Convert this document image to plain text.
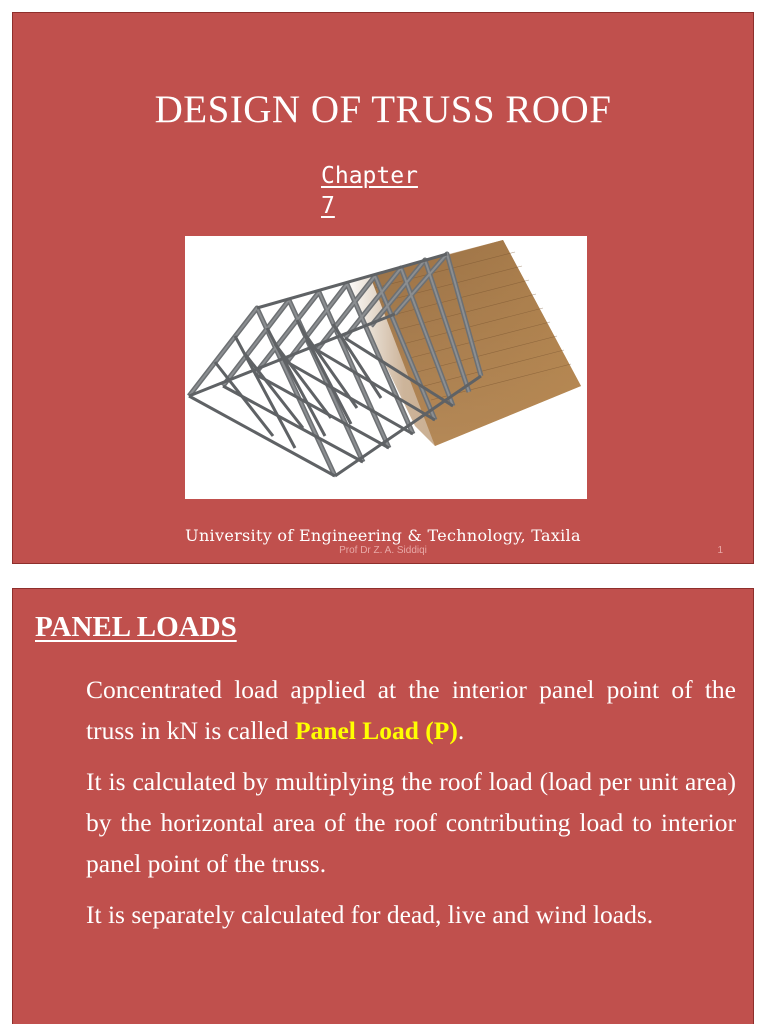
DESIGN OF TRUSS ROOF
Chapter
7
University of Engineering & Technology, Taxila
Prof Dr Z. A. Siddiqi	1
PANEL LOADS

Concentrated load applied at the interior panel point of the truss in kN is called Panel Load (P).

It is calculated by multiplying the roof load (load per unit area) by the horizontal area of the roof contributing load to interior panel point of the truss.

It is separately calculated for dead, live and wind loads.
